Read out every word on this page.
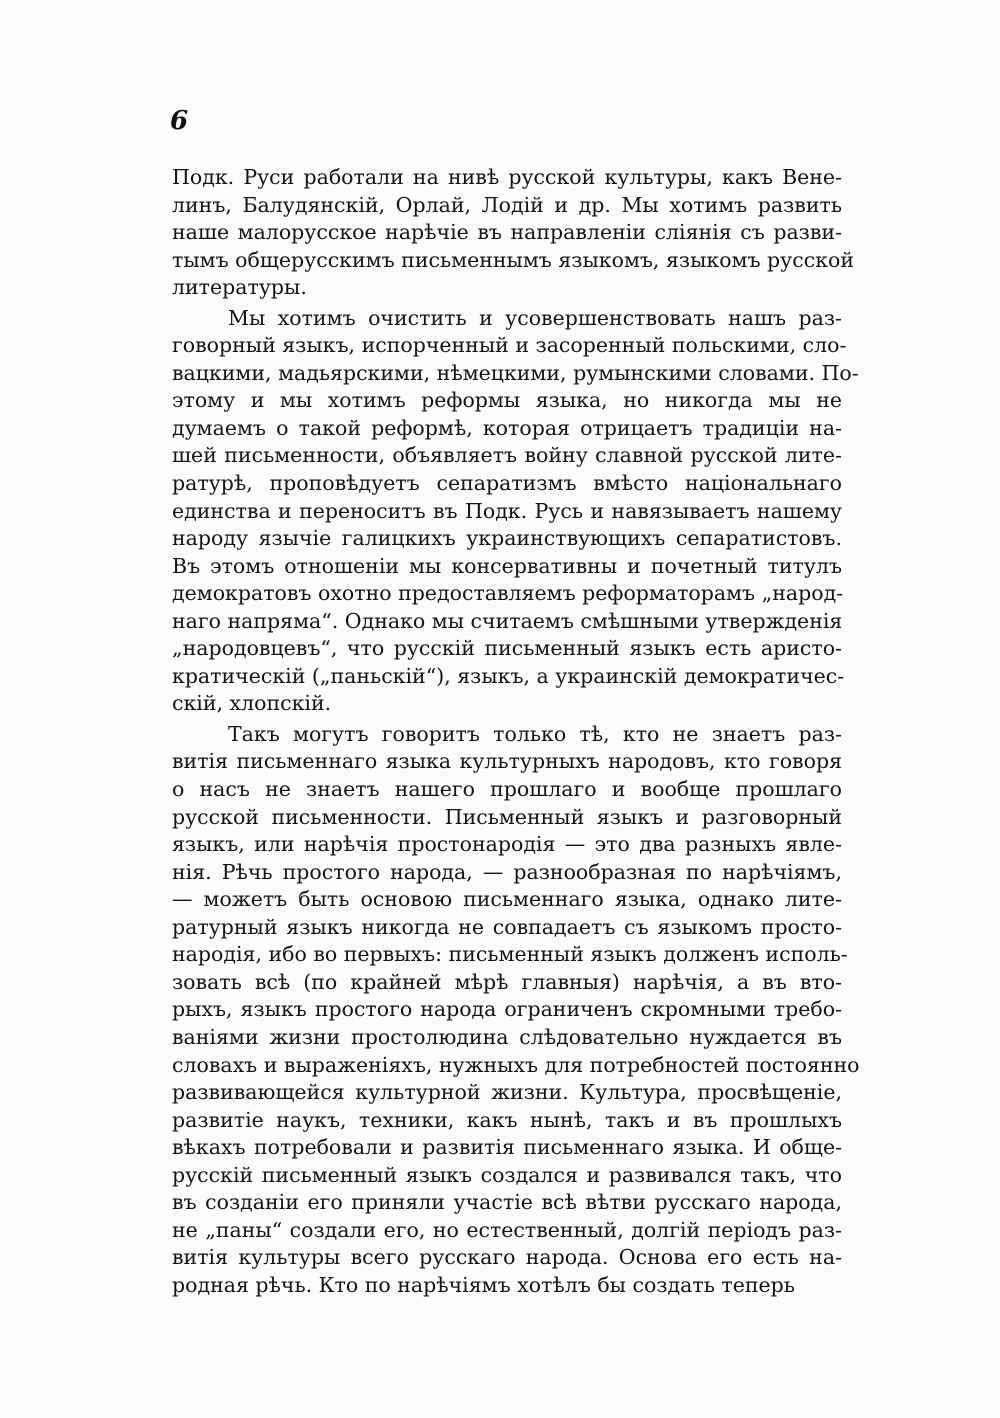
6
Подк. Руси работали на нивѣ русской культуры, какъ Вене-
линъ, Балудянскій, Орлай, Лодій и др. Мы хотимъ развить
наше малорусское нарѣчіе въ направленіи слiянія съ разви-
тымъ общерусскимъ письменнымъ языкомъ, языкомъ русской
литературы.
Мы хотимъ очистить и усовершенствовать нашъ раз-
говорный языкъ, испорченный и засоренный польскими, сло-
вацкими, мадьярскими, нѣмецкими, румынскими словами. По-
этому и мы хотимъ реформы языка, но никогда мы не
думаемъ о такой реформѣ, которая отрицаетъ традиціи на-
шей письменности, объявляетъ войну славной русской лите-
ратурѣ, проповѣдуетъ сепаратизмъ вмѣсто національнаго
единства и переноситъ въ Подк. Русь и навязываетъ нашему
народу язычіе галицкихъ украинствующихъ сепаратистовъ.
Въ этомъ отношеніи мы консервативны и почетный титулъ
демократовъ охотно предоставляемъ реформаторамъ „народ-
наго напряма“. Однако мы считаемъ смѣшными утвержденія
„народовцевъ“, что русскій письменный языкъ есть аристо-
кратическій („паньскій“), языкъ, а украинскій демократичес-
скій, хлопскій.
Такъ могутъ говоритъ только тѣ, кто не знаетъ раз-
витія письменнаго языка культурныхъ народовъ, кто говоря
о насъ не знаетъ нашего прошлаго и вообще прошлаго
русской письменности. Письменный языкъ и разговорный
языкъ, или нарѣчія простонародія — это два разныхъ явле-
нія. Рѣчь простого народа, — разнообразная по нарѣчіямъ,
— можетъ быть основою письменнаго языка, однако лите-
ратурный языкъ никогда не совпадаетъ съ языкомъ просто-
народія, ибо во первыхъ: письменный языкъ долженъ исполь-
зовать всѣ (по крайней мѣрѣ главныя) нарѣчія, а въ вто-
рыхъ, языкъ простого народа ограниченъ скромными требо-
ваніями жизни простолюдина слѣдовательно нуждается въ
словахъ и выраженіяхъ, нужныхъ для потребностей постоянно
развивающейся культурной жизни. Культура, просвѣщеніе,
развитіе наукъ, техники, какъ нынѣ, такъ и въ прошлыхъ
вѣкахъ потребовали и развитія письменнаго языка. И обще-
русскій письменный языкъ создался и развивался такъ, что
въ созданіи его приняли участіе всѣ вѣтви русскаго народа,
не „паны“ создали его, но естественный, долгій періодъ раз-
витія культуры всего русскаго народа. Основа его есть на-
родная рѣчь. Кто по нарѣчіямъ хотѣлъ бы создать теперь
